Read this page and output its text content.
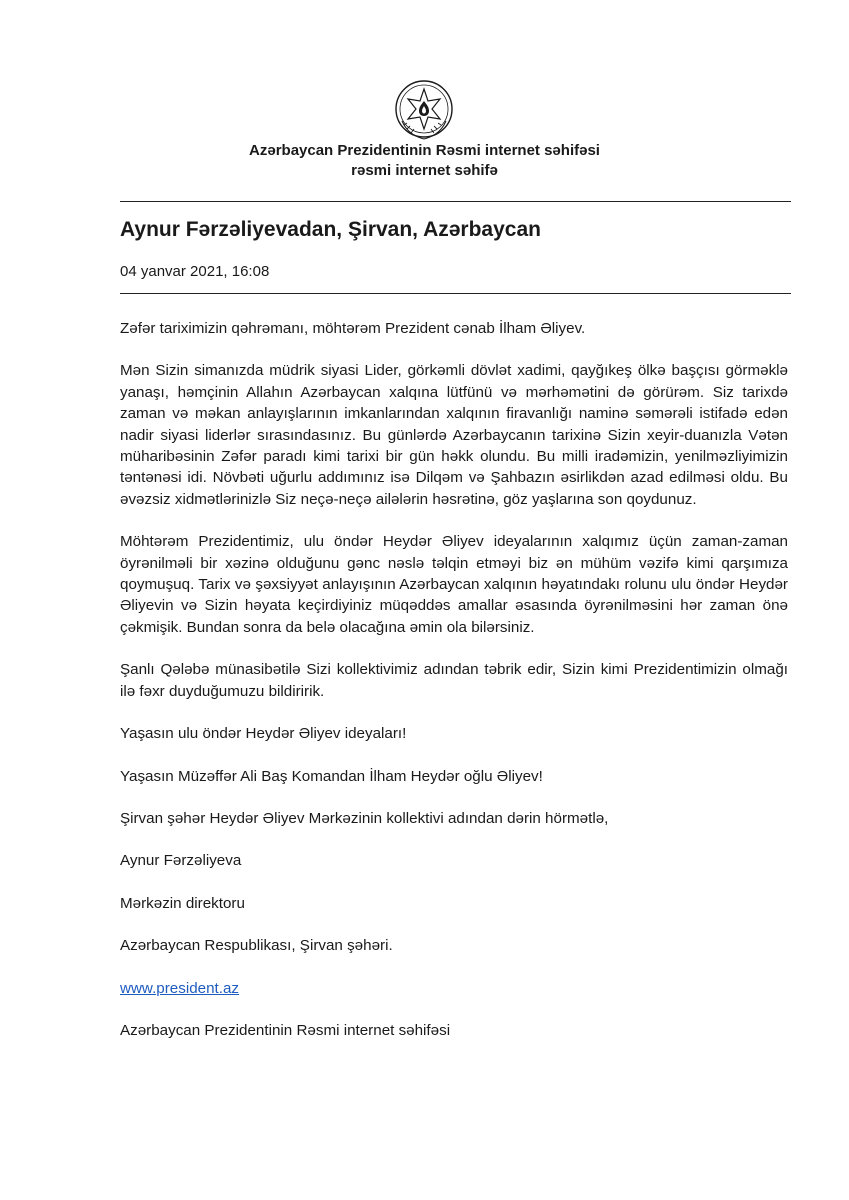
Azərbaycan Prezidentinin Rəsmi internet səhifəsi
rəsmi internet səhifə
Aynur Fərzəliyevadan, Şirvan, Azərbaycan
04 yanvar 2021, 16:08

Zəfər tariximizin qəhrəmanı, möhtərəm Prezident cənab İlham Əliyev.

Mən Sizin simanızda müdrik siyasi Lider, görkəmli dövlət xadimi, qayğıkeş ölkə başçısı görməklə yanaşı, həmçinin Allahın Azərbaycan xalqına lütfünü və mərhəmətini də görürəm. Siz tarixdə zaman və məkan anlayışlarının imkanlarından xalqının firavanlığı naminə səmərəli istifadə edən nadir siyasi liderlər sırasındasınız. Bu günlərdə Azərbaycanın tarixinə Sizin xeyir-duanızla Vətən müharibəsinin Zəfər paradı kimi tarixi bir gün həkk olundu. Bu milli iradəmizin, yenilməzliyimizin təntənəsi idi. Növbəti uğurlu addımınız isə Dilqəm və Şahbazın əsirlikdən azad edilməsi oldu. Bu əvəzsiz xidmətlərinizlə Siz neçə-neçə ailələrin həsrətinə, göz yaşlarına son qoydunuz.

Möhtərəm Prezidentimiz, ulu öndər Heydər Əliyev ideyalarının xalqımız üçün zaman-zaman öyrənilməli bir xəzinə olduğunu gənc nəslə təlqin etməyi biz ən mühüm vəzifə kimi qarşımıza qoymuşuq. Tarix və şəxsiyyət anlayışının Azərbaycan xalqının həyatındakı rolunu ulu öndər Heydər Əliyevin və Sizin həyata keçirdiyiniz müqəddəs amallar əsasında öyrənilməsini hər zaman önə çəkmişik. Bundan sonra da belə olacağına əmin ola bilərsiniz.

Şanlı Qələbə münasibətilə Sizi kollektivimiz adından təbrik edir, Sizin kimi Prezidentimizin olmağı ilə fəxr duyduğumuzu bildiririk.

Yaşasın ulu öndər Heydər Əliyev ideyaları!

Yaşasın Müzəffər Ali Baş Komandan İlham Heydər oğlu Əliyev!

Şirvan şəhər Heydər Əliyev Mərkəzinin kollektivi adından dərin hörmətlə,

Aynur Fərzəliyeva

Mərkəzin direktoru

Azərbaycan Respublikası, Şirvan şəhəri.

www.president.az

Azərbaycan Prezidentinin Rəsmi internet səhifəsi
